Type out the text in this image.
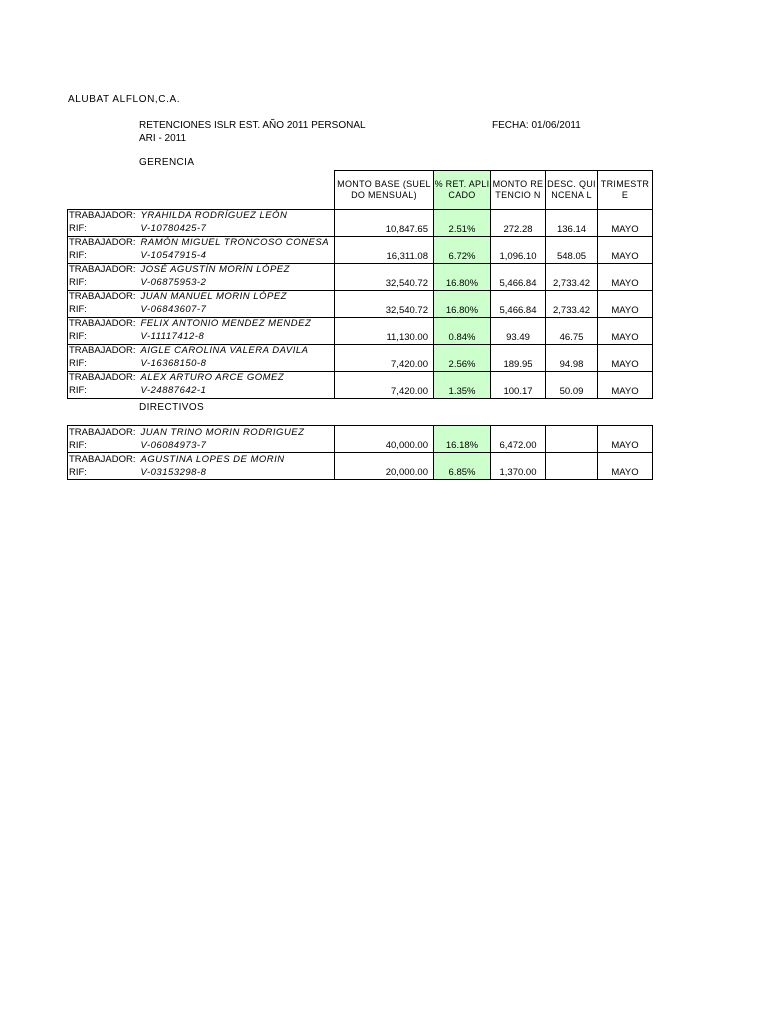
ALUBAT ALFLON,C.A.
RETENCIONES ISLR EST. AÑO 2011 PERSONAL
ARI - 2011
FECHA: 01/06/2011
GERENCIA
DIRECTIVOS
		MONTO BASE (SUELDO MENSUAL)	% RET. APLICADO	MONTO RETENCIO N	DESC. QUINCENA L	TRIMESTR E
TRABAJADOR:	YRAHILDA RODRÍGUEZ LEÓN	10,847.65	2.51%	272.28	136.14	MAYO
RIF:	V-10780425-7					
TRABAJADOR:	RAMÓN MIGUEL TRONCOSO CONESA	16,311.08	6.72%	1,096.10	548.05	MAYO
RIF:	V-10547915-4					
TRABAJADOR:	JOSÉ AGUSTÍN MORÍN LÓPEZ	32,540.72	16.80%	5,466.84	2,733.42	MAYO
RIF:	V-06875953-2					
TRABAJADOR:	JUAN MANUEL MORIN LÓPEZ	32,540.72	16.80%	5,466.84	2,733.42	MAYO
RIF:	V-06843607-7					
TRABAJADOR:	FELIX ANTONIO MENDEZ MENDEZ	11,130.00	0.84%	93.49	46.75	MAYO
RIF:	V-11117412-8					
TRABAJADOR:	AIGLE CAROLINA VALERA DAVILA	7,420.00	2.56%	189.95	94.98	MAYO
RIF:	V-16368150-8					
TRABAJADOR:	ALEX ARTURO ARCE GOMEZ	7,420.00	1.35%	100.17	50.09	MAYO
RIF:	V-24887642-1					
TRABAJADOR:	JUAN TRINO MORIN RODRIGUEZ	40,000.00	16.18%	6,472.00		MAYO
RIF:	V-06084973-7					
TRABAJADOR:	AGUSTINA LOPES DE MORIN	20,000.00	6.85%	1,370.00		MAYO
RIF:	V-03153298-8					
